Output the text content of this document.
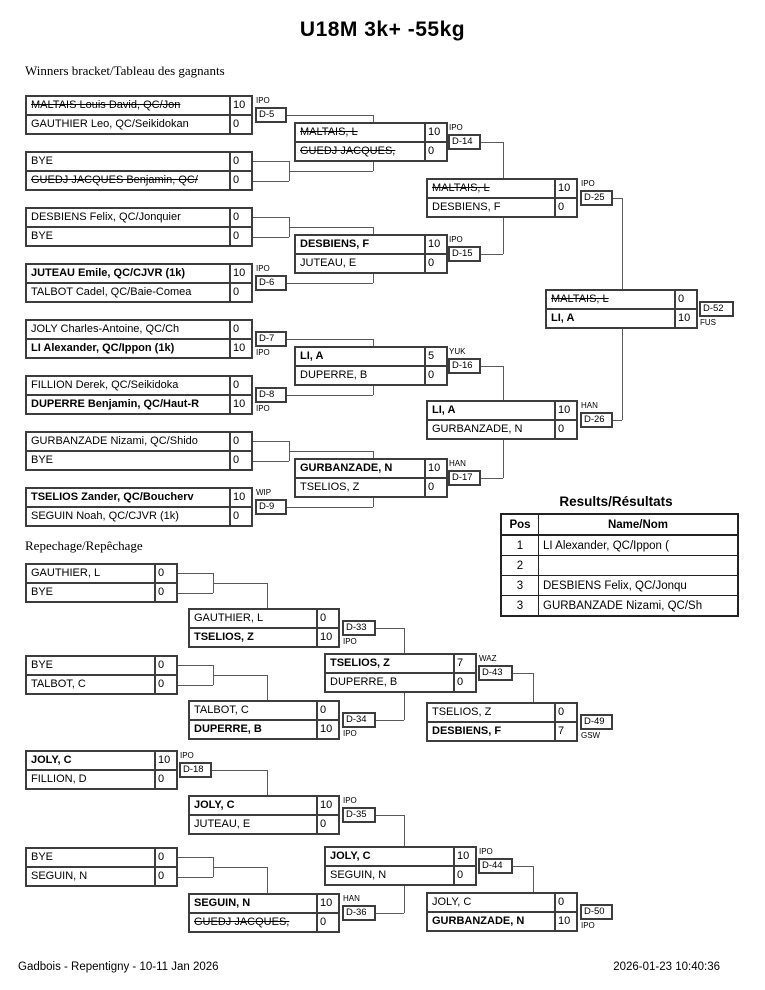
U18M 3k+ -55kg
Winners bracket/Tableau des gagnants
Repechage/Repêchage
MALTAIS Louis David, QC/Jon	10
GAUTHIER Leo, QC/Seikidokan	0
BYE	0
GUEDJ JACQUES Benjamin, QC/	0
DESBIENS Felix, QC/Jonquier	0
BYE	0
JUTEAU Emile, QC/CJVR (1k)	10
TALBOT Cadel, QC/Baie-Comea	0
JOLY Charles-Antoine, QC/Ch	0
LI Alexander, QC/Ippon (1k)	10
FILLION Derek, QC/Seikidoka	0
DUPERRE Benjamin, QC/Haut-R	10
GURBANZADE Nizami, QC/Shido	0
BYE	0
TSELIOS Zander, QC/Boucherv	10
SEGUIN Noah, QC/CJVR (1k)	0
MALTAIS, L	10
GUEDJ JACQUES,	0
DESBIENS, F	10
JUTEAU, E	0
LI, A	5
DUPERRE, B	0
GURBANZADE, N	10
TSELIOS, Z	0
MALTAIS, L	10
DESBIENS, F	0
LI, A	10
GURBANZADE, N	0
MALTAIS, L	0
LI, A	10
GAUTHIER, L	0
BYE	0
BYE	0
TALBOT, C	0
JOLY, C	10
FILLION, D	0
BYE	0
SEGUIN, N	0
GAUTHIER, L	0
TSELIOS, Z	10
TALBOT, C	0
DUPERRE, B	10
JOLY, C	10
JUTEAU, E	0
SEGUIN, N	10
GUEDJ JACQUES,	0
TSELIOS, Z	7
DUPERRE, B	0
JOLY, C	10
SEGUIN, N	0
TSELIOS, Z	0
DESBIENS, F	7
JOLY, C	0
GURBANZADE, N	10
D-5
IPO
D-6
IPO
D-7
IPO
D-8
IPO
D-9
WIP
D-14
IPO
D-15
IPO
D-16
YUK
D-17
HAN
D-25
IPO
D-26
HAN
D-52
FUS
D-18
IPO
D-33
IPO
D-34
IPO
D-35
IPO
D-36
HAN
D-43
WAZ
D-44
IPO
D-49
GSW
D-50
IPO
Results/Résultats
Pos	Name/Nom
1	LI Alexander, QC/Ippon (
2	
3	DESBIENS Felix, QC/Jonqu
3	GURBANZADE Nizami, QC/Sh
Gadbois - Repentigny - 10-11 Jan 2026	2026-01-23 10:40:36
